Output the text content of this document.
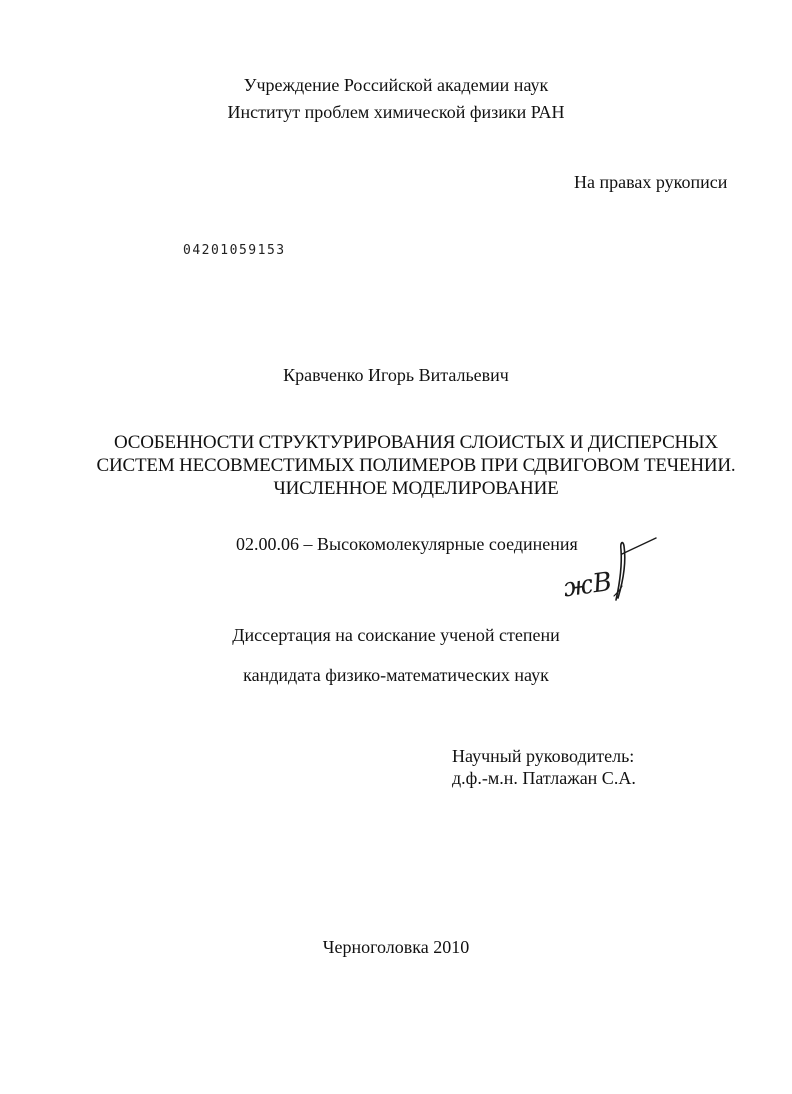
Учреждение Российской академии наук
Институт проблем химической физики РАН
На правах рукописи
04201059153
Кравченко Игорь Витальевич
ОСОБЕННОСТИ СТРУКТУРИРОВАНИЯ СЛОИСТЫХ И ДИСПЕРСНЫХ
СИСТЕМ НЕСОВМЕСТИМЫХ ПОЛИМЕРОВ ПРИ СДВИГОВОМ ТЕЧЕНИИ.
ЧИСЛЕННОЕ МОДЕЛИРОВАНИЕ
02.00.06 – Высокомолекулярные соединения
жВ
Диссертация на соискание ученой степени
кандидата физико-математических наук
Научный руководитель:
д.ф.-м.н. Патлажан С.А.
Черноголовка 2010
